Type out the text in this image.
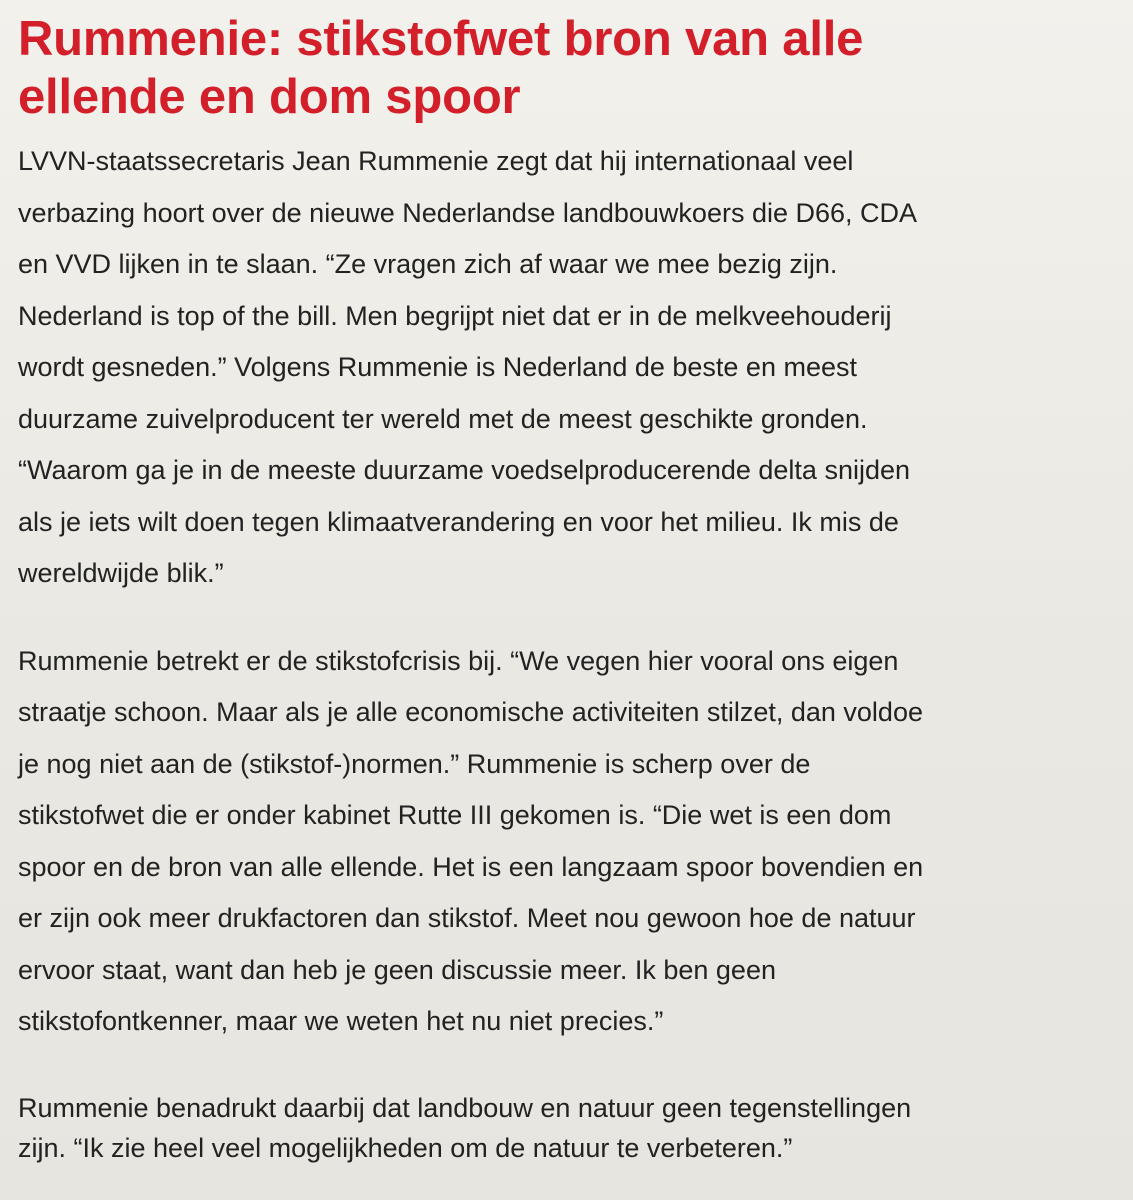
Rummenie: stikstofwet bron van alle
ellende en dom spoor

LVVN-staatssecretaris Jean Rummenie zegt dat hij internationaal veel
verbazing hoort over de nieuwe Nederlandse landbouwkoers die D66, CDA
en VVD lijken in te slaan. “Ze vragen zich af waar we mee bezig zijn.
Nederland is top of the bill. Men begrijpt niet dat er in de melkveehouderij
wordt gesneden.” Volgens Rummenie is Nederland de beste en meest
duurzame zuivelproducent ter wereld met de meest geschikte gronden.
“Waarom ga je in de meeste duurzame voedselproducerende delta snijden
als je iets wilt doen tegen klimaatverandering en voor het milieu. Ik mis de
wereldwijde blik.”

Rummenie betrekt er de stikstofcrisis bij. “We vegen hier vooral ons eigen
straatje schoon. Maar als je alle economische activiteiten stilzet, dan voldoe
je nog niet aan de (stikstof-)normen.” Rummenie is scherp over de
stikstofwet die er onder kabinet Rutte III gekomen is. “Die wet is een dom
spoor en de bron van alle ellende. Het is een langzaam spoor bovendien en
er zijn ook meer drukfactoren dan stikstof. Meet nou gewoon hoe de natuur
ervoor staat, want dan heb je geen discussie meer. Ik ben geen
stikstofontkenner, maar we weten het nu niet precies.”

Rummenie benadrukt daarbij dat landbouw en natuur geen tegenstellingen
zijn. “Ik zie heel veel mogelijkheden om de natuur te verbeteren.”
